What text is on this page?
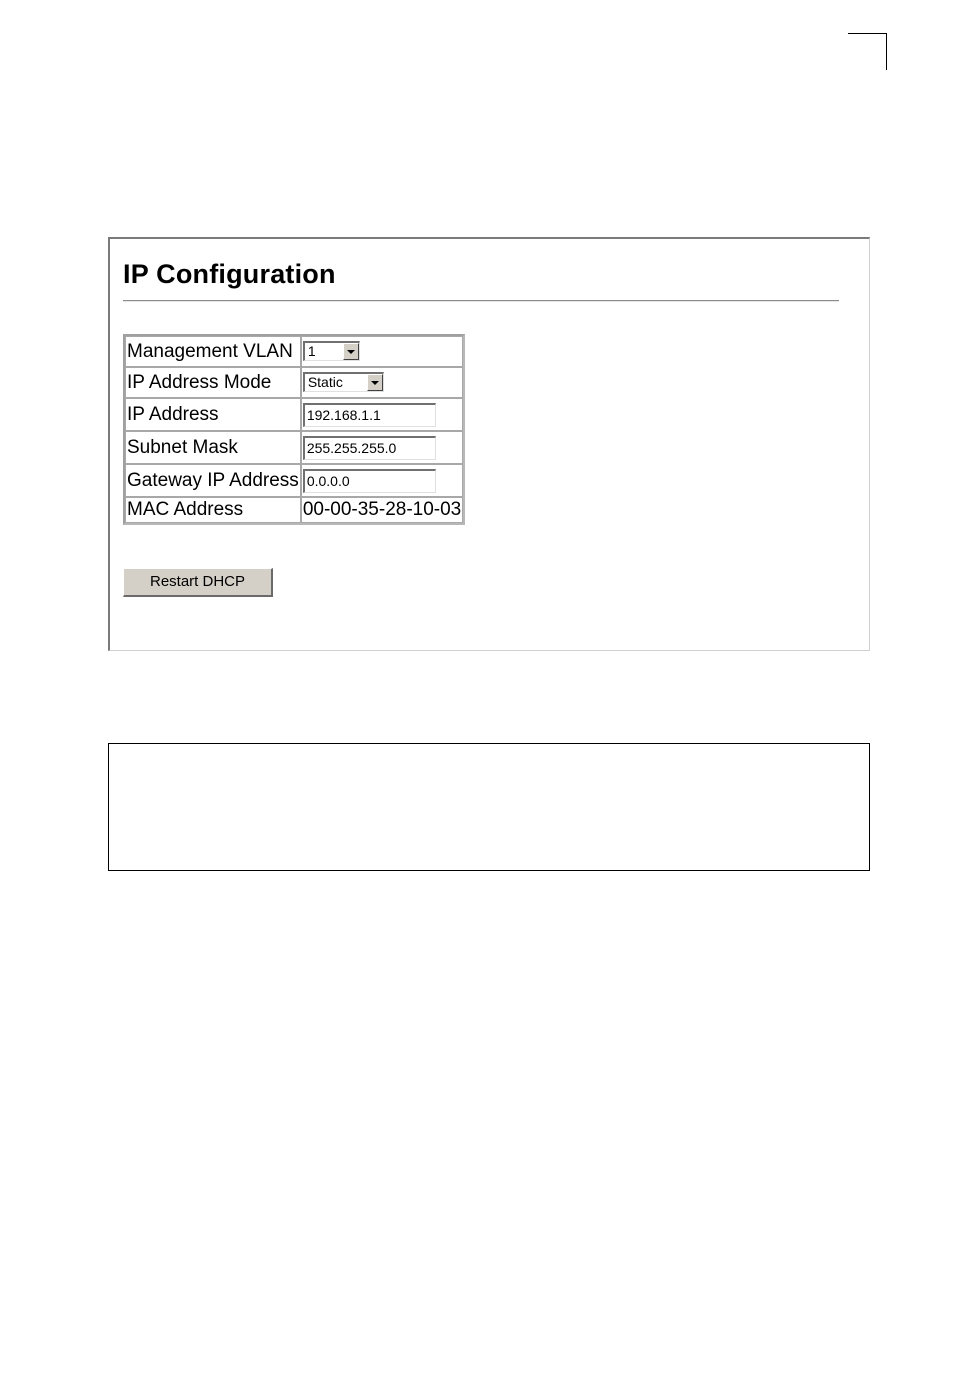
IP Configuration
Management VLAN	1

IP Address Mode	Static

IP Address	192.168.1.1
Subnet Mask	255.255.255.0
Gateway IP Address	0.0.0.0
MAC Address	00-00-35-28-10-03
Restart DHCP
